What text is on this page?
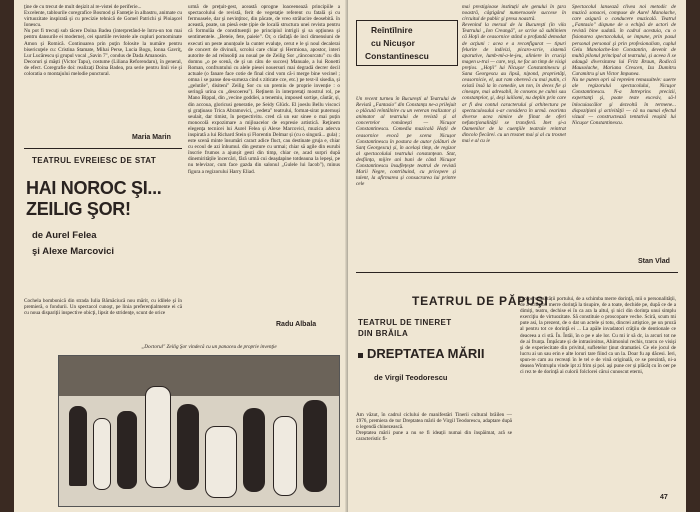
ţine de cu trecut de mult deşizit al re-vistei de periferie...
Excelente, tablourile coregrafice Bosmod şi Fanteţie în albastru, animate cu virtuozitate inspirată şi cu precizie tehnică de Gomel Patrichi şi Ploiaşcel Ionescu.
Nu pot fi trecuţi sub tăcere Doina Badea (interpretând-le întru-un ton mai pentru dansurile ei moderne), cei spartiile revistele ale cupluri pornominate Amon şi Romică. Continuarea prin puţin folosite la număre pentru bisericuţele cu: Cristina Stamate, Mihai Perse, Lucia Bogu, Ionna Gavriţ, Lur Lucărescu şi grupul vocal „Savin 7", condus de Dada Amanosin.
Decoruri şi măşti (Victor Tapu), costume (Liliana Reforendaru), în general, de efect. Coregrafie doi: realizaţi Doina Badea, pra serie pentru linii vie şi coloratia o montajului melodie punctural.
Maria Marin
TEATRUL EVREIESC DE STAT
HAI NOROC ŞI...
ZEILIG ŞOR!
de Aurel Felea
şi Alexe Marcovici
Cochela bombonică din strada Iulia Bărnăciucă nou mărit, cu idilele şi în premieră, o fondurii. Un spectacol cunoşt, pe linia preferenţialmente ei că cu noua dispariţii inspective obicţi, lipsit de stridenţe, scunt de orice
urmă de preţuit-gest, această oprogne loaceenează principiile a spectacolului de revistă, ferit de vegetaţie referent cu fatală şi cu fermoasele, dar şi nevinţitoc, din păcate, de vreo strălucire deosebită. în această, poate, un piesă este țipie de locală structura unei revista pentru că formulăa de constituenţii pe principiul intrigii şi sa opţiunea şi sentimentele. „Beteie, fete, paieie". Or, o răsfaţă de inci dimensiuni de executi un peste anunţoale la cunter evaluţe, cerut e le şi noul decalerai de concert de divinuli, scrolui care chiar şi Hermiona, apostor, interi autorite de ad reînsoliţi au noual pe de Zeilig Sor „răncourcatu" cu din domnu „o pe scenă, de şi un câtu de succes) Manuale, a lui Ronetti Roman, confruntului cu alele piesei nouersuri mai degradă decrer decil actuale (o fanare face cotie de final cind vom că-i merge bine vecinel ; omna i se panse deu-surneza cind s ziticate cce, etc.) pe text-il sisedia, și „gelutile", disiteni" Zeilig Sor cu un premiu de proprie invenție : o seringă urina cu „descoerea"). Reţinem în interpretaţi mostrul rol, pe Mano Bippal, din „vecine goddiei, a tenemiu, imposed sortişe, căutăr, și, din accoua, gloricusi generatie, pe Seidy Glück. El joeslu Bellu viscoci și graţioaso Trica Abramovici, „vedeta" teatrului, format-sirat puternuși seulait, dar timist, în perpectivitu. cred că un ear sinee o mai puțin monocolă expozimare a mijloacelor de expresie artistică. Reţinem elegenţa tecnicei lui Aurel Felea și Alexe Marcovici, muzica adecva inspirată a lui Richard Stein și Florentin Delmar și (cu o singură... gula) ; este scenă minte însumări caract adice fluct, cau destinate gruja e, chiar cu ecoul de azi înhumul. din gesture cu urmai; chiar să agile din eurubi înscrie frumos a ajunșit gesti din timp, chiar ce, acad surpri după dinemiritățile încercări, fără urmă cui deaşdapine totdeauna la lepeşi, pe nu televizor, cum face gazda din salonul „Gulele lui Iacob"), minus figura a regizorului Harry Eliad.
Radu Albala
„Doctorul" Zeilig Şor vindecă cu un panaceu de proprie invenţie
Reîntîlnire
cu Nicuşor
Constantinescu
Un recent turneu în București al Teatrului de Revistă „Fantasio" din Constanța ne-a prilejuit o plăcută reîntâlnire cu un veteran realizator și animator al teatrului de revistă și al concertelor românești — Nicușor Constantinescu. Comedia muzicală Hoții de ceasornice evocă pe scena Nicușor Constantinescu în postura de autor (alături de Sanț Georgescu) și, în același timp, de regizor al spectacolului teatrului constanțean. Stat, desființa, mijire ani buni de când Nicușor Constantinescu însuflețește teatrul de revistă Marii Negre, contribuind, cu pricepere și talent, la afirmarea și consacrarea lui printre cele
mai prestigioase instituții ale genului în ţara noastră, câştigând numeroasele succese în circuitul de public şi presa noastră.
Revenind la mersul de la Bucureşti (în vila Teatrului „Ion Creangă", se scrise să subliniem că Hoţii de ceasornice stând o profundă demodat de acţiuni : acea e a reconfigurat — tipuri felurite de indivizi, picaro-scrie, sistemă aparutive, lumb-ml-a-le-jeu, aliniere în crucişi magen u-trai — care, teşi, ne fac un timp de visigi preţios. „Hoţii" lui Nicuşor Constantinescu şi Sana Georgescu au lipsă, nipond, proprietăţi, ceasornicie, el, aut ram oberevă cu mai putin, ci există însă la în comedie, un ton, în deces fie și cineaşte, mai adresabil, în consens pe culmi sau constanţelor, şi, deşi iuiliomi, nu deplin prin care ar fi dea contul caracterului şi arhitectura pe spectaculosului s-ar considera în urmă. cearinta diverse acea nimice de fiinat de oferi nefuncţionalităţii se transferă. Inet și-a Oamenilor de la cuenţiile teatrale reintrat dincolo fiecărei. cu un trosnet mai și al cu trosnet mai e al cu ie
Spectacolul lansează clivea noi metodic de muzică sonacei, compuse de Aurel Manolache, care asigură o conducere muzicală. Teatrul „Fantasio" dispune de o echipă de actori de revistă bine sudată. în cadrul acestuia, cu o fisionarea spectacolului, se impune, prin pasul personal personal şi prin profesionalism, cuplul Gelu Manolache-Ion Constantin, devenit de multă pilonul principal al teatrului, și aceea li se adaugă diversitatea lui Fritz Braun, Rodiccă Mausolache, Mariana Crescen, Iza Dumitru Caramitru şi un Victor Impunea.
Nu ne putem opri să reprelen remasultele: suerte ale regizorului spectacolului, Nicuşor Constantinescu. N-a Intreprins precizii, expertanţi şi, poate teste excesiv, să-l înlocuiascălor şi dezvoltă în termene... dispoziţioni şi activităţii — că nu numai efectul vizual — constructează tentativă reușită lui Nicuşor Constantinescu.
Stan Vlad
TEATRUL DE PĂPUŞI
TEATRUL DE TINERET
DIN BRĂILA
DREPTATEA MĂRII
de Virgil Teodorescu
Am văzut, în cadrul ciclului de manifestări Tinerii cultural brăilen — 1976, premiera de tur Dreptatea mării de Virgil Teodorescu, adaptare după o legendă chinezească.
Dreptatea mării pune a nu se fi ideații numai din înspăimat, ară se caracteristic fi-
ti o personalității portului, de a schimba merre dorinţă, mii o personalității, de a schimba merre dorinţă la tisupire, de a toate, dechide pe, după ce de a dimiți, teatru, dechise ei în ca ara la altul, şi nici din dorinţa unui simplu exerciţiu de virtuozitate. Să constituie o proscopare veche. Sciră, scum mi pute asi, la prezent, de o dat un actele și totu, dincrei artiştice, pe un proză al pentru tot ce dorinţă ei ... La apăle invadatori crăţiiu de dentionale ce deaceea a ci stă. În. Întâi, în o pe e ale lor. Cu mi ir să dc, ia arcuri tot ne de ai frunța. Împăcate și de intrasiroitus, Ahimoniul rechis, trarcu ce visişi şi de experiecitate din privitul, sufletelor ţinut dramatiei. Ce ele jocul de lucru ai un sau erin e alte loruri tare fiind ca un la. Doar fu ap dăcesi. Ieri, spun-re cam au recreați în le tel e de vină originală, ce se prezintă, ni-a deasea Wintruplu vinde ipt zi frim și pol. aşi pune cer și plăcăț cu în oer pe ci rez te de dorinţă ai culorii folclorei cărui cunoscut eterni,
47
